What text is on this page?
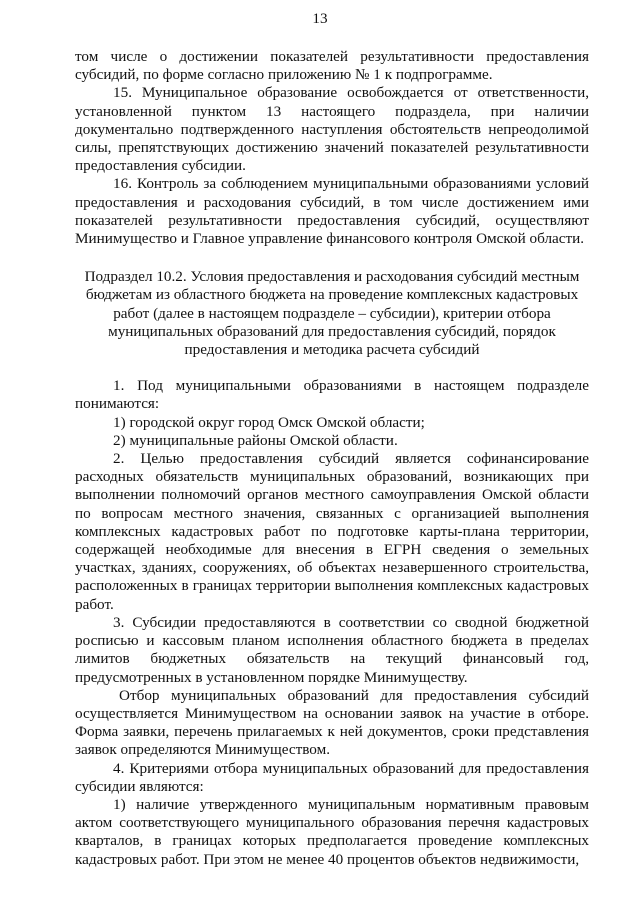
13

том числе о достижении показателей результативности предоставления субсидий, по форме согласно приложению № 1 к подпрограмме.

15. Муниципальное образование освобождается от ответственности, установленной пунктом 13 настоящего подраздела, при наличии документально подтвержденного наступления обстоятельств непреодолимой силы, препятствующих достижению значений показателей результативности предоставления субсидии.

16. Контроль за соблюдением муниципальными образованиями условий предоставления и расходования субсидий, в том числе достижением ими показателей результативности предоставления субсидий, осуществляют Минимущество и Главное управление финансового контроля Омской области.

Подраздел 10.2. Условия предоставления и расходования субсидий местным бюджетам из областного бюджета на проведение комплексных кадастровых работ (далее в настоящем подразделе – субсидии), критерии отбора муниципальных образований для предоставления субсидий, порядок предоставления и методика расчета субсидий

1. Под муниципальными образованиями в настоящем подразделе понимаются:

1) городской округ город Омск Омской области;

2) муниципальные районы Омской области.

2. Целью предоставления субсидий является софинансирование расходных обязательств муниципальных образований, возникающих при выполнении полномочий органов местного самоуправления Омской области по вопросам местного значения, связанных с организацией выполнения комплексных кадастровых работ по подготовке карты-плана территории, содержащей необходимые для внесения в ЕГРН сведения о земельных участках, зданиях, сооружениях, об объектах незавершенного строительства, расположенных в границах территории выполнения комплексных кадастровых работ.

3. Субсидии предоставляются в соответствии со сводной бюджетной росписью и кассовым планом исполнения областного бюджета в пределах лимитов бюджетных обязательств на текущий финансовый год, предусмотренных в установленном порядке Минимуществу.

Отбор муниципальных образований для предоставления субсидий осуществляется Минимуществом на основании заявок на участие в отборе. Форма заявки, перечень прилагаемых к ней документов, сроки представления заявок определяются Минимуществом.

4. Критериями отбора муниципальных образований для предоставления субсидии являются:

1) наличие утвержденного муниципальным нормативным правовым актом соответствующего муниципального образования перечня кадастровых кварталов, в границах которых предполагается проведение комплексных кадастровых работ. При этом не менее 40 процентов объектов недвижимости,
